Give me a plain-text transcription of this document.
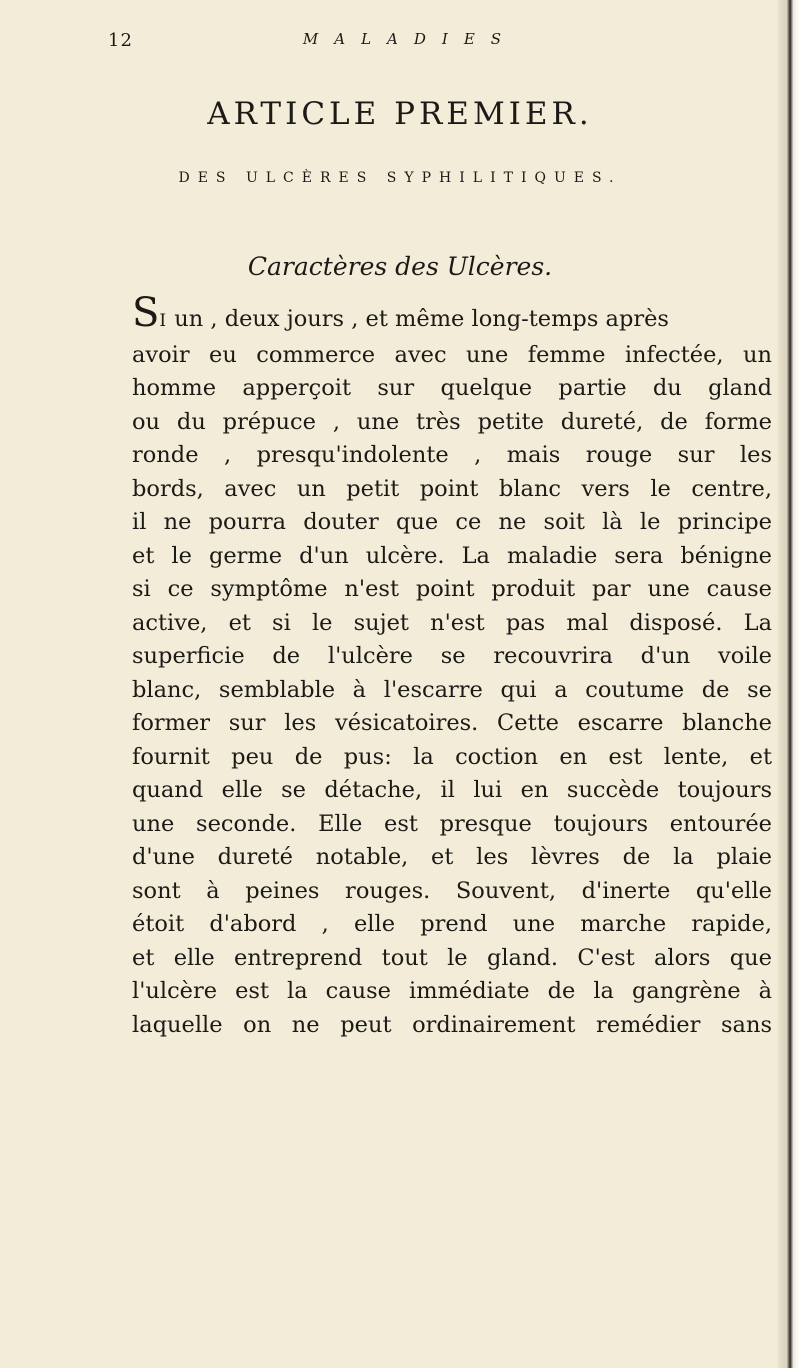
12	MALADIES
ARTICLE PREMIER.
DES ULCÈRES SYPHILITIQUES.
Caractères des Ulcères.
SI un , deux jours , et même long-temps après
avoir eu commerce avec une femme infectée, un
homme apperçoit sur quelque partie du gland
ou du prépuce , une très petite dureté, de forme
ronde , presqu'indolente , mais rouge sur les
bords, avec un petit point blanc vers le centre,
il ne pourra douter que ce ne soit là le principe
et le germe d'un ulcère. La maladie sera bénigne
si ce symptôme n'est point produit par une cause
active, et si le sujet n'est pas mal disposé. La
superficie de l'ulcère se recouvrira d'un voile
blanc, semblable à l'escarre qui a coutume de se
former sur les vésicatoires. Cette escarre blanche
fournit peu de pus: la coction en est lente, et
quand elle se détache, il lui en succède toujours
une seconde. Elle est presque toujours entourée
d'une dureté notable, et les lèvres de la plaie
sont à peines rouges. Souvent, d'inerte qu'elle
étoit d'abord , elle prend une marche rapide,
et elle entreprend tout le gland. C'est alors que
l'ulcère est la cause immédiate de la gangrène à
laquelle on ne peut ordinairement remédier sans
